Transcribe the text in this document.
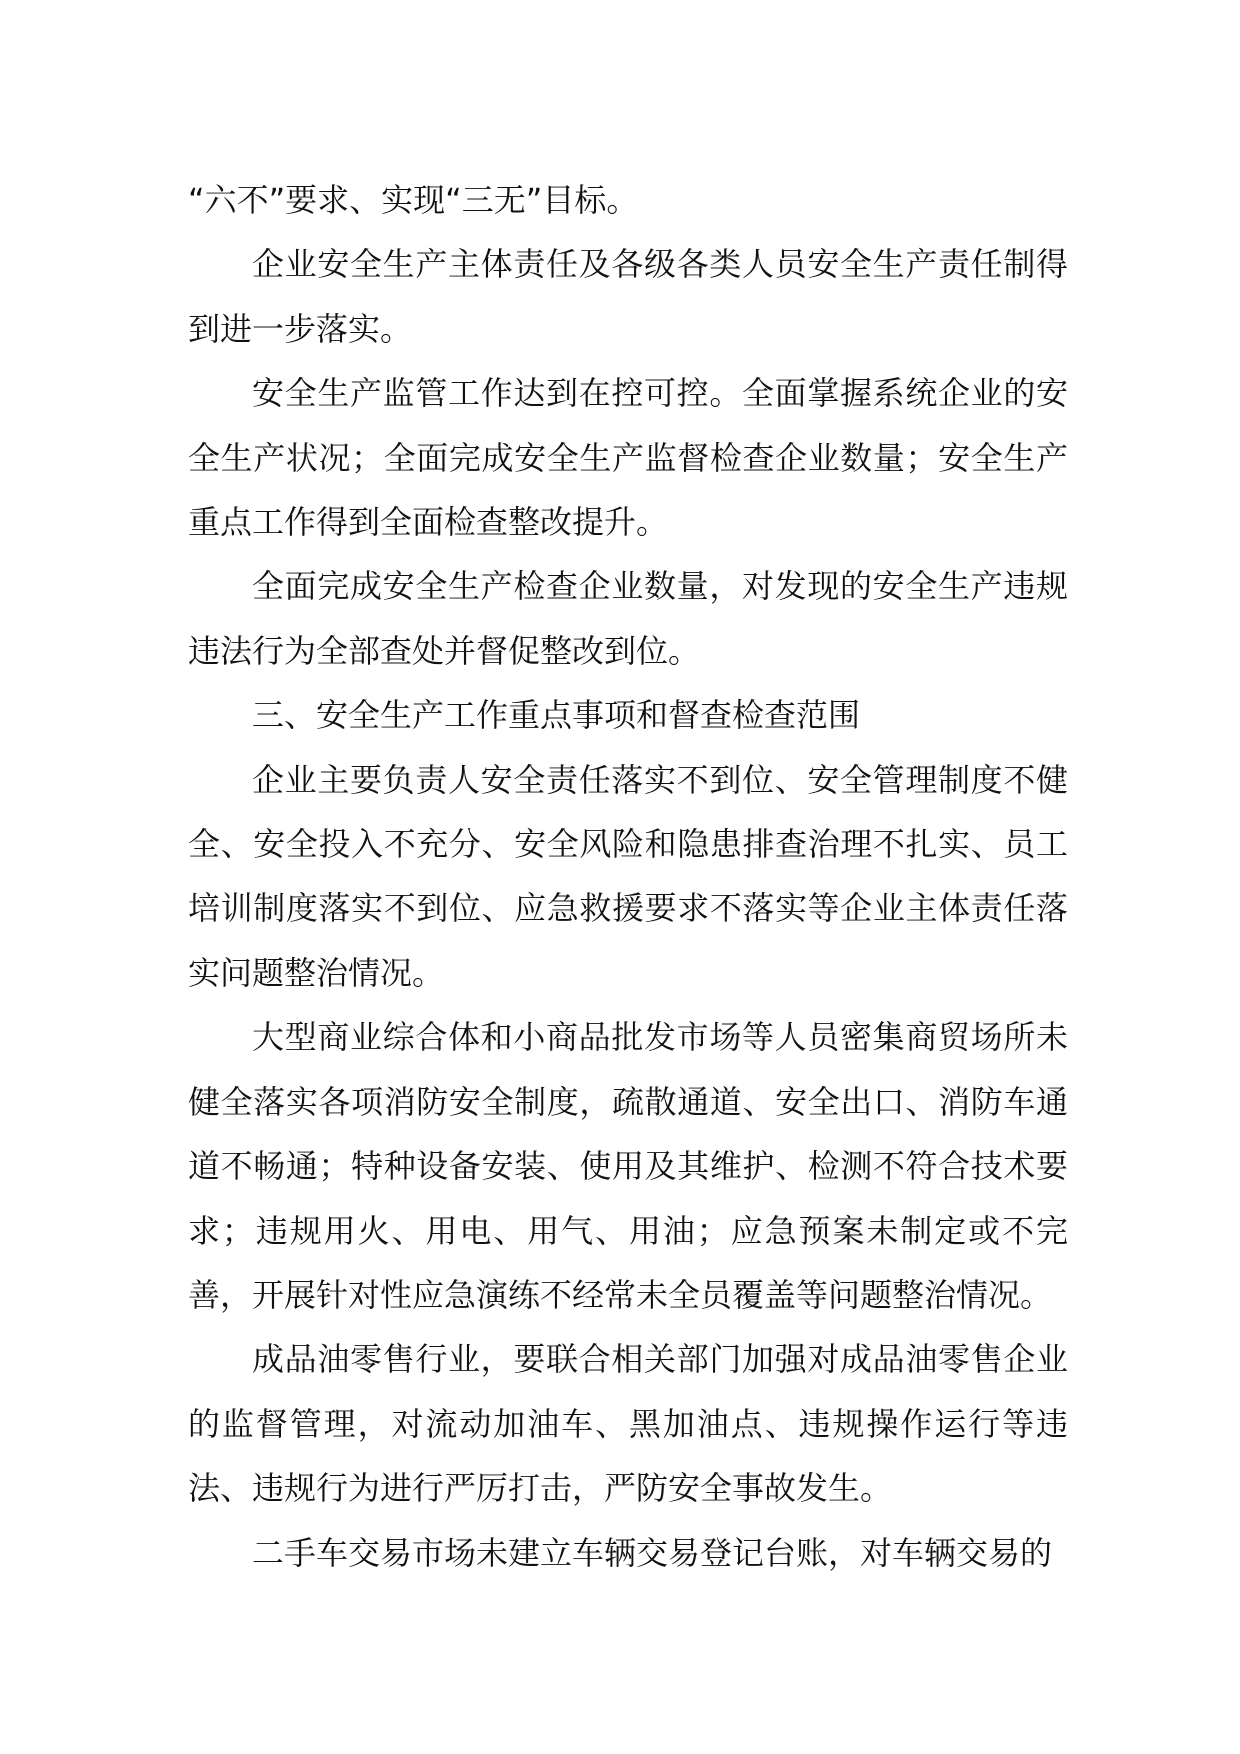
“六不”要求、实现“三无”目标。

企业安全生产主体责任及各级各类人员安全生产责任制得到进一步落实。

安全生产监管工作达到在控可控。全面掌握系统企业的安全生产状况；全面完成安全生产监督检查企业数量；安全生产重点工作得到全面检查整改提升。

全面完成安全生产检查企业数量，对发现的安全生产违规违法行为全部查处并督促整改到位。

三、安全生产工作重点事项和督查检查范围

企业主要负责人安全责任落实不到位、安全管理制度不健全、安全投入不充分、安全风险和隐患排查治理不扎实、员工培训制度落实不到位、应急救援要求不落实等企业主体责任落实问题整治情况。

大型商业综合体和小商品批发市场等人员密集商贸场所未健全落实各项消防安全制度，疏散通道、安全出口、消防车通道不畅通；特种设备安装、使用及其维护、检测不符合技术要求；违规用火、用电、用气、用油；应急预案未制定或不完善，开展针对性应急演练不经常未全员覆盖等问题整治情况。

成品油零售行业，要联合相关部门加强对成品油零售企业的监督管理，对流动加油车、黑加油点、违规操作运行等违法、违规行为进行严厉打击，严防安全事故发生。

二手车交易市场未建立车辆交易登记台账，对车辆交易的
